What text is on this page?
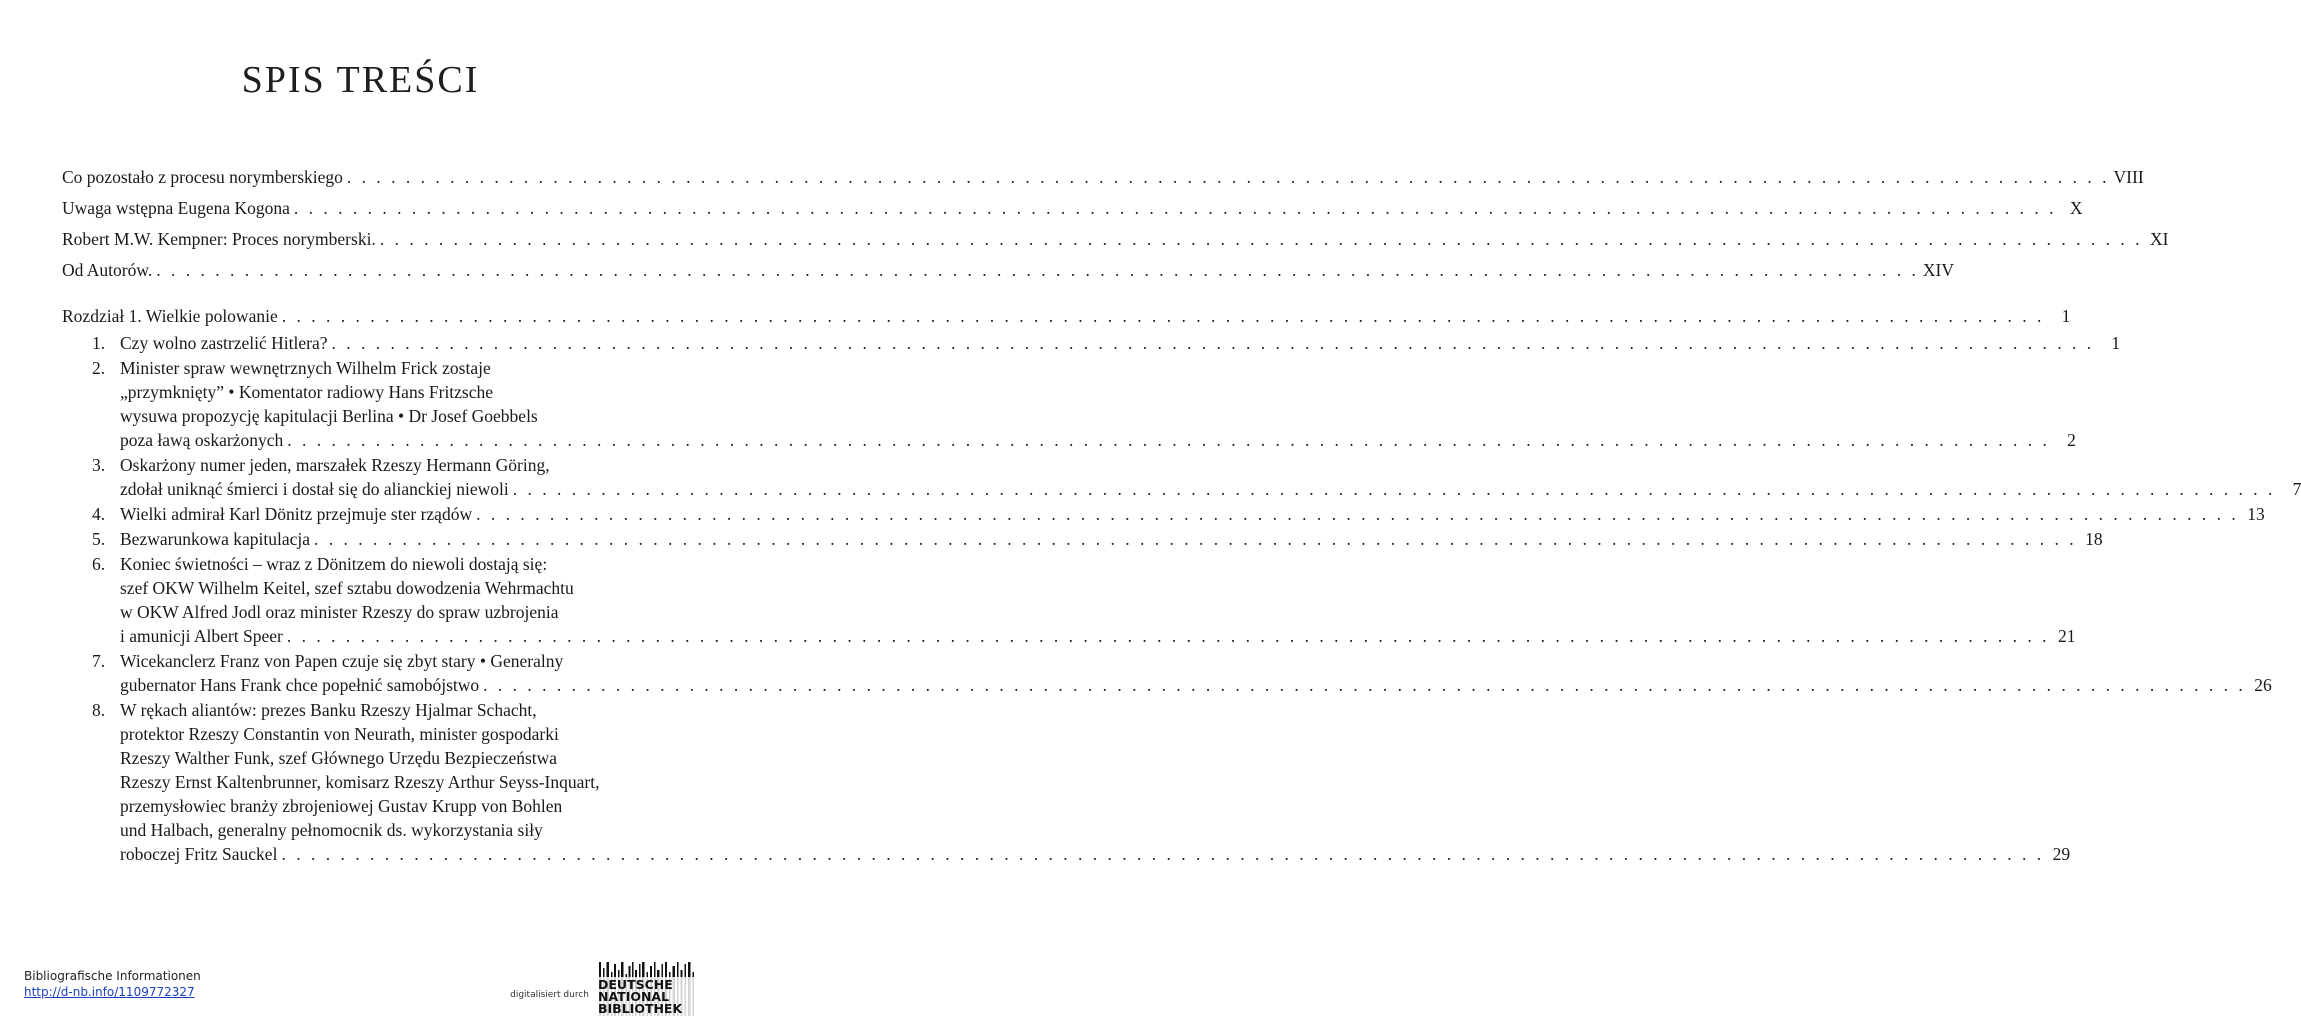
SPIS TREŚCI
Co pozostało z procesu norymberskiego . . . . . . . . . . . . . . . . . . . . . . . . . . . . . . . . . . . . . . . . . . . . . . . . . . . . . . . . . . . . . . . . . . . . . . . . . . . . . . . . . . . . . . . . . . . . . . . . . . . . . . . . . . . . . . . . . . . . . . . . VIII
Uwaga wstępna Eugena Kogona . . . . . . . . . . . . . . . . . . . . . . . . . . . . . . . . . . . . . . . . . . . . . . . . . . . . . . . . . . . . . . . . . . . . . . . . . . . . . . . . . . . . . . . . . . . . . . . . . . . . . . . . . . . . . . . . . . . . . . . . X
Robert M.W. Kempner: Proces norymberski. . . . . . . . . . . . . . . . . . . . . . . . . . . . . . . . . . . . . . . . . . . . . . . . . . . . . . . . . . . . . . . . . . . . . . . . . . . . . . . . . . . . . . . . . . . . . . . . . . . . . . . . . . . . . . . . . . . . . . . . . XI
Od Autorów. . . . . . . . . . . . . . . . . . . . . . . . . . . . . . . . . . . . . . . . . . . . . . . . . . . . . . . . . . . . . . . . . . . . . . . . . . . . . . . . . . . . . . . . . . . . . . . . . . . . . . . . . . . . . . . . . . . . . . . . . XIV
Rozdział 1. Wielkie polowanie . . . . . . . . . . . . . . . . . . . . . . . . . . . . . . . . . . . . . . . . . . . . . . . . . . . . . . . . . . . . . . . . . . . . . . . . . . . . . . . . . . . . . . . . . . . . . . . . . . . . . . . . . . . . . . . . . . . . . . . . 1
1. Czy wolno zastrzelić Hitlera? . . . . . . . . . . . . . . . . . . . . . . . . . . . . . . . . . . . . . . . . . . . . . . . . . . . . . . . . . . . . . . . . . . . . . . . . . . . . . . . . . . . . . . . . . . . . . . . . . . . . . . . . . . . . . . . . . . . . . . . . 1
2. Minister spraw wewnętrznych Wilhelm Frick zostaje
„przymknięty” • Komentator radiowy Hans Fritzsche
wysuwa propozycję kapitulacji Berlina • Dr Josef Goebbels
poza ławą oskarżonych . . . . . . . . . . . . . . . . . . . . . . . . . . . . . . . . . . . . . . . . . . . . . . . . . . . . . . . . . . . . . . . . . . . . . . . . . . . . . . . . . . . . . . . . . . . . . . . . . . . . . . . . . . . . . . . . . . . . . . . . 2
3. Oskarżony numer jeden, marszałek Rzeszy Hermann Göring,
zdołał uniknąć śmierci i dostał się do alianckiej niewoli . . . . . . . . . . . . . . . . . . . . . . . . . . . . . . . . . . . . . . . . . . . . . . . . . . . . . . . . . . . . . . . . . . . . . . . . . . . . . . . . . . . . . . . . . . . . . . . . . . . . . . . . . . . . . . . . . . . . . . . . 7
4. Wielki admirał Karl Dönitz przejmuje ster rządów . . . . . . . . . . . . . . . . . . . . . . . . . . . . . . . . . . . . . . . . . . . . . . . . . . . . . . . . . . . . . . . . . . . . . . . . . . . . . . . . . . . . . . . . . . . . . . . . . . . . . . . . . . . . . . . . . . . . . . . . 13
5. Bezwarunkowa kapitulacja . . . . . . . . . . . . . . . . . . . . . . . . . . . . . . . . . . . . . . . . . . . . . . . . . . . . . . . . . . . . . . . . . . . . . . . . . . . . . . . . . . . . . . . . . . . . . . . . . . . . . . . . . . . . . . . . . . . . . . . . 18
6. Koniec świetności – wraz z Dönitzem do niewoli dostają się:
szef OKW Wilhelm Keitel, szef sztabu dowodzenia Wehrmachtu
w OKW Alfred Jodl oraz minister Rzeszy do spraw uzbrojenia
i amunicji Albert Speer . . . . . . . . . . . . . . . . . . . . . . . . . . . . . . . . . . . . . . . . . . . . . . . . . . . . . . . . . . . . . . . . . . . . . . . . . . . . . . . . . . . . . . . . . . . . . . . . . . . . . . . . . . . . . . . . . . . . . . . . 21
7. Wicekanclerz Franz von Papen czuje się zbyt stary • Generalny
gubernator Hans Frank chce popełnić samobójstwo . . . . . . . . . . . . . . . . . . . . . . . . . . . . . . . . . . . . . . . . . . . . . . . . . . . . . . . . . . . . . . . . . . . . . . . . . . . . . . . . . . . . . . . . . . . . . . . . . . . . . . . . . . . . . . . . . . . . . . . . 26
8. W rękach aliantów: prezes Banku Rzeszy Hjalmar Schacht,
protektor Rzeszy Constantin von Neurath, minister gospodarki
Rzeszy Walther Funk, szef Głównego Urzędu Bezpieczeństwa
Rzeszy Ernst Kaltenbrunner, komisarz Rzeszy Arthur Seyss-Inquart,
przemysłowiec branży zbrojeniowej Gustav Krupp von Bohlen
und Halbach, generalny pełnomocnik ds. wykorzystania siły
roboczej Fritz Sauckel . . . . . . . . . . . . . . . . . . . . . . . . . . . . . . . . . . . . . . . . . . . . . . . . . . . . . . . . . . . . . . . . . . . . . . . . . . . . . . . . . . . . . . . . . . . . . . . . . . . . . . . . . . . . . . . . . . . . . . . . 29
Bibliografische Informationen
http://d-nb.info/1109772327	digitalisiert durch
DEUTSCHE
NATIONAL
BIBLIOTHEK
